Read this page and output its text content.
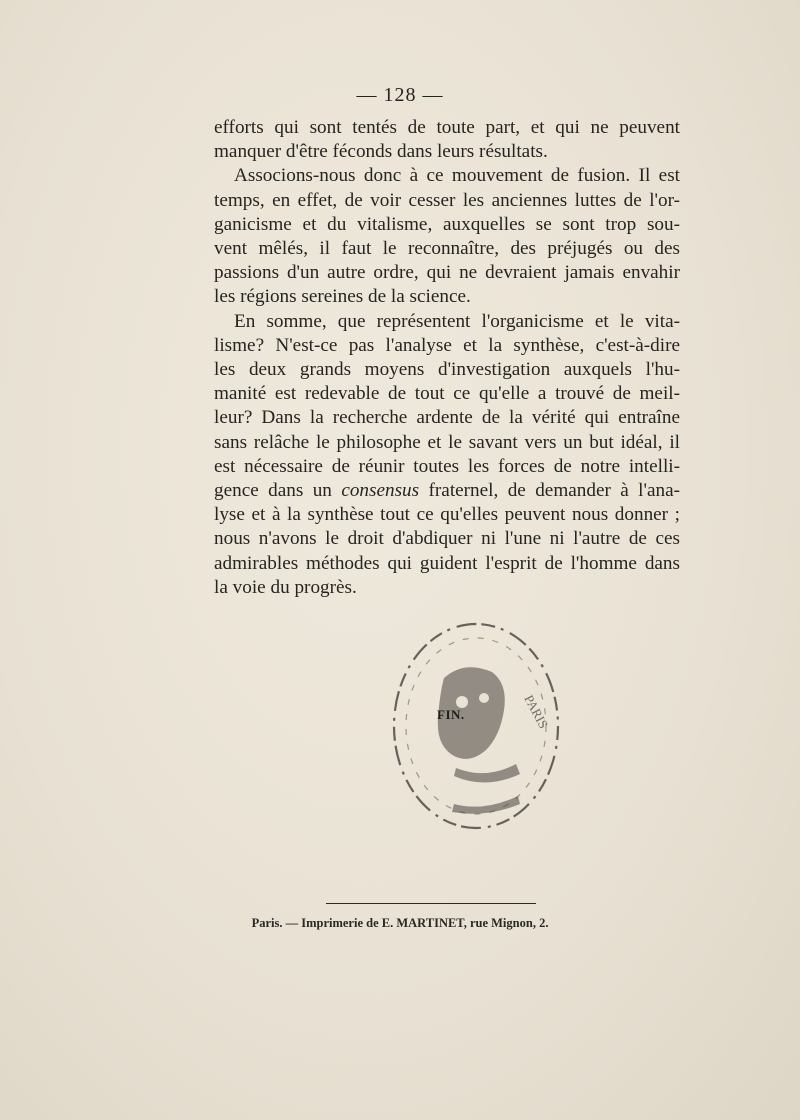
— 128 —

efforts qui sont tentés de toute part, et qui ne peuvent
manquer d'être féconds dans leurs résultats.

Associons-nous donc à ce mouvement de fusion. Il est
temps, en effet, de voir cesser les anciennes luttes de l'or-
ganicisme et du vitalisme, auxquelles se sont trop sou-
vent mêlés, il faut le reconnaître, des préjugés ou des
passions d'un autre ordre, qui ne devraient jamais envahir
les régions sereines de la science.

En somme, que représentent l'organicisme et le vita-
lisme? N'est-ce pas l'analyse et la synthèse, c'est-à-dire
les deux grands moyens d'investigation auxquels l'hu-
manité est redevable de tout ce qu'elle a trouvé de meil-
leur? Dans la recherche ardente de la vérité qui entraîne
sans relâche le philosophe et le savant vers un but idéal, il
est nécessaire de réunir toutes les forces de notre intelli-
gence dans un consensus fraternel, de demander à l'ana-
lyse et à la synthèse tout ce qu'elles peuvent nous donner ;
nous n'avons le droit d'abdiquer ni l'une ni l'autre de ces
admirables méthodes qui guident l'esprit de l'homme dans
la voie du progrès.

PARIS
FIN.
Paris. — Imprimerie de E. MARTINET, rue Mignon, 2.
